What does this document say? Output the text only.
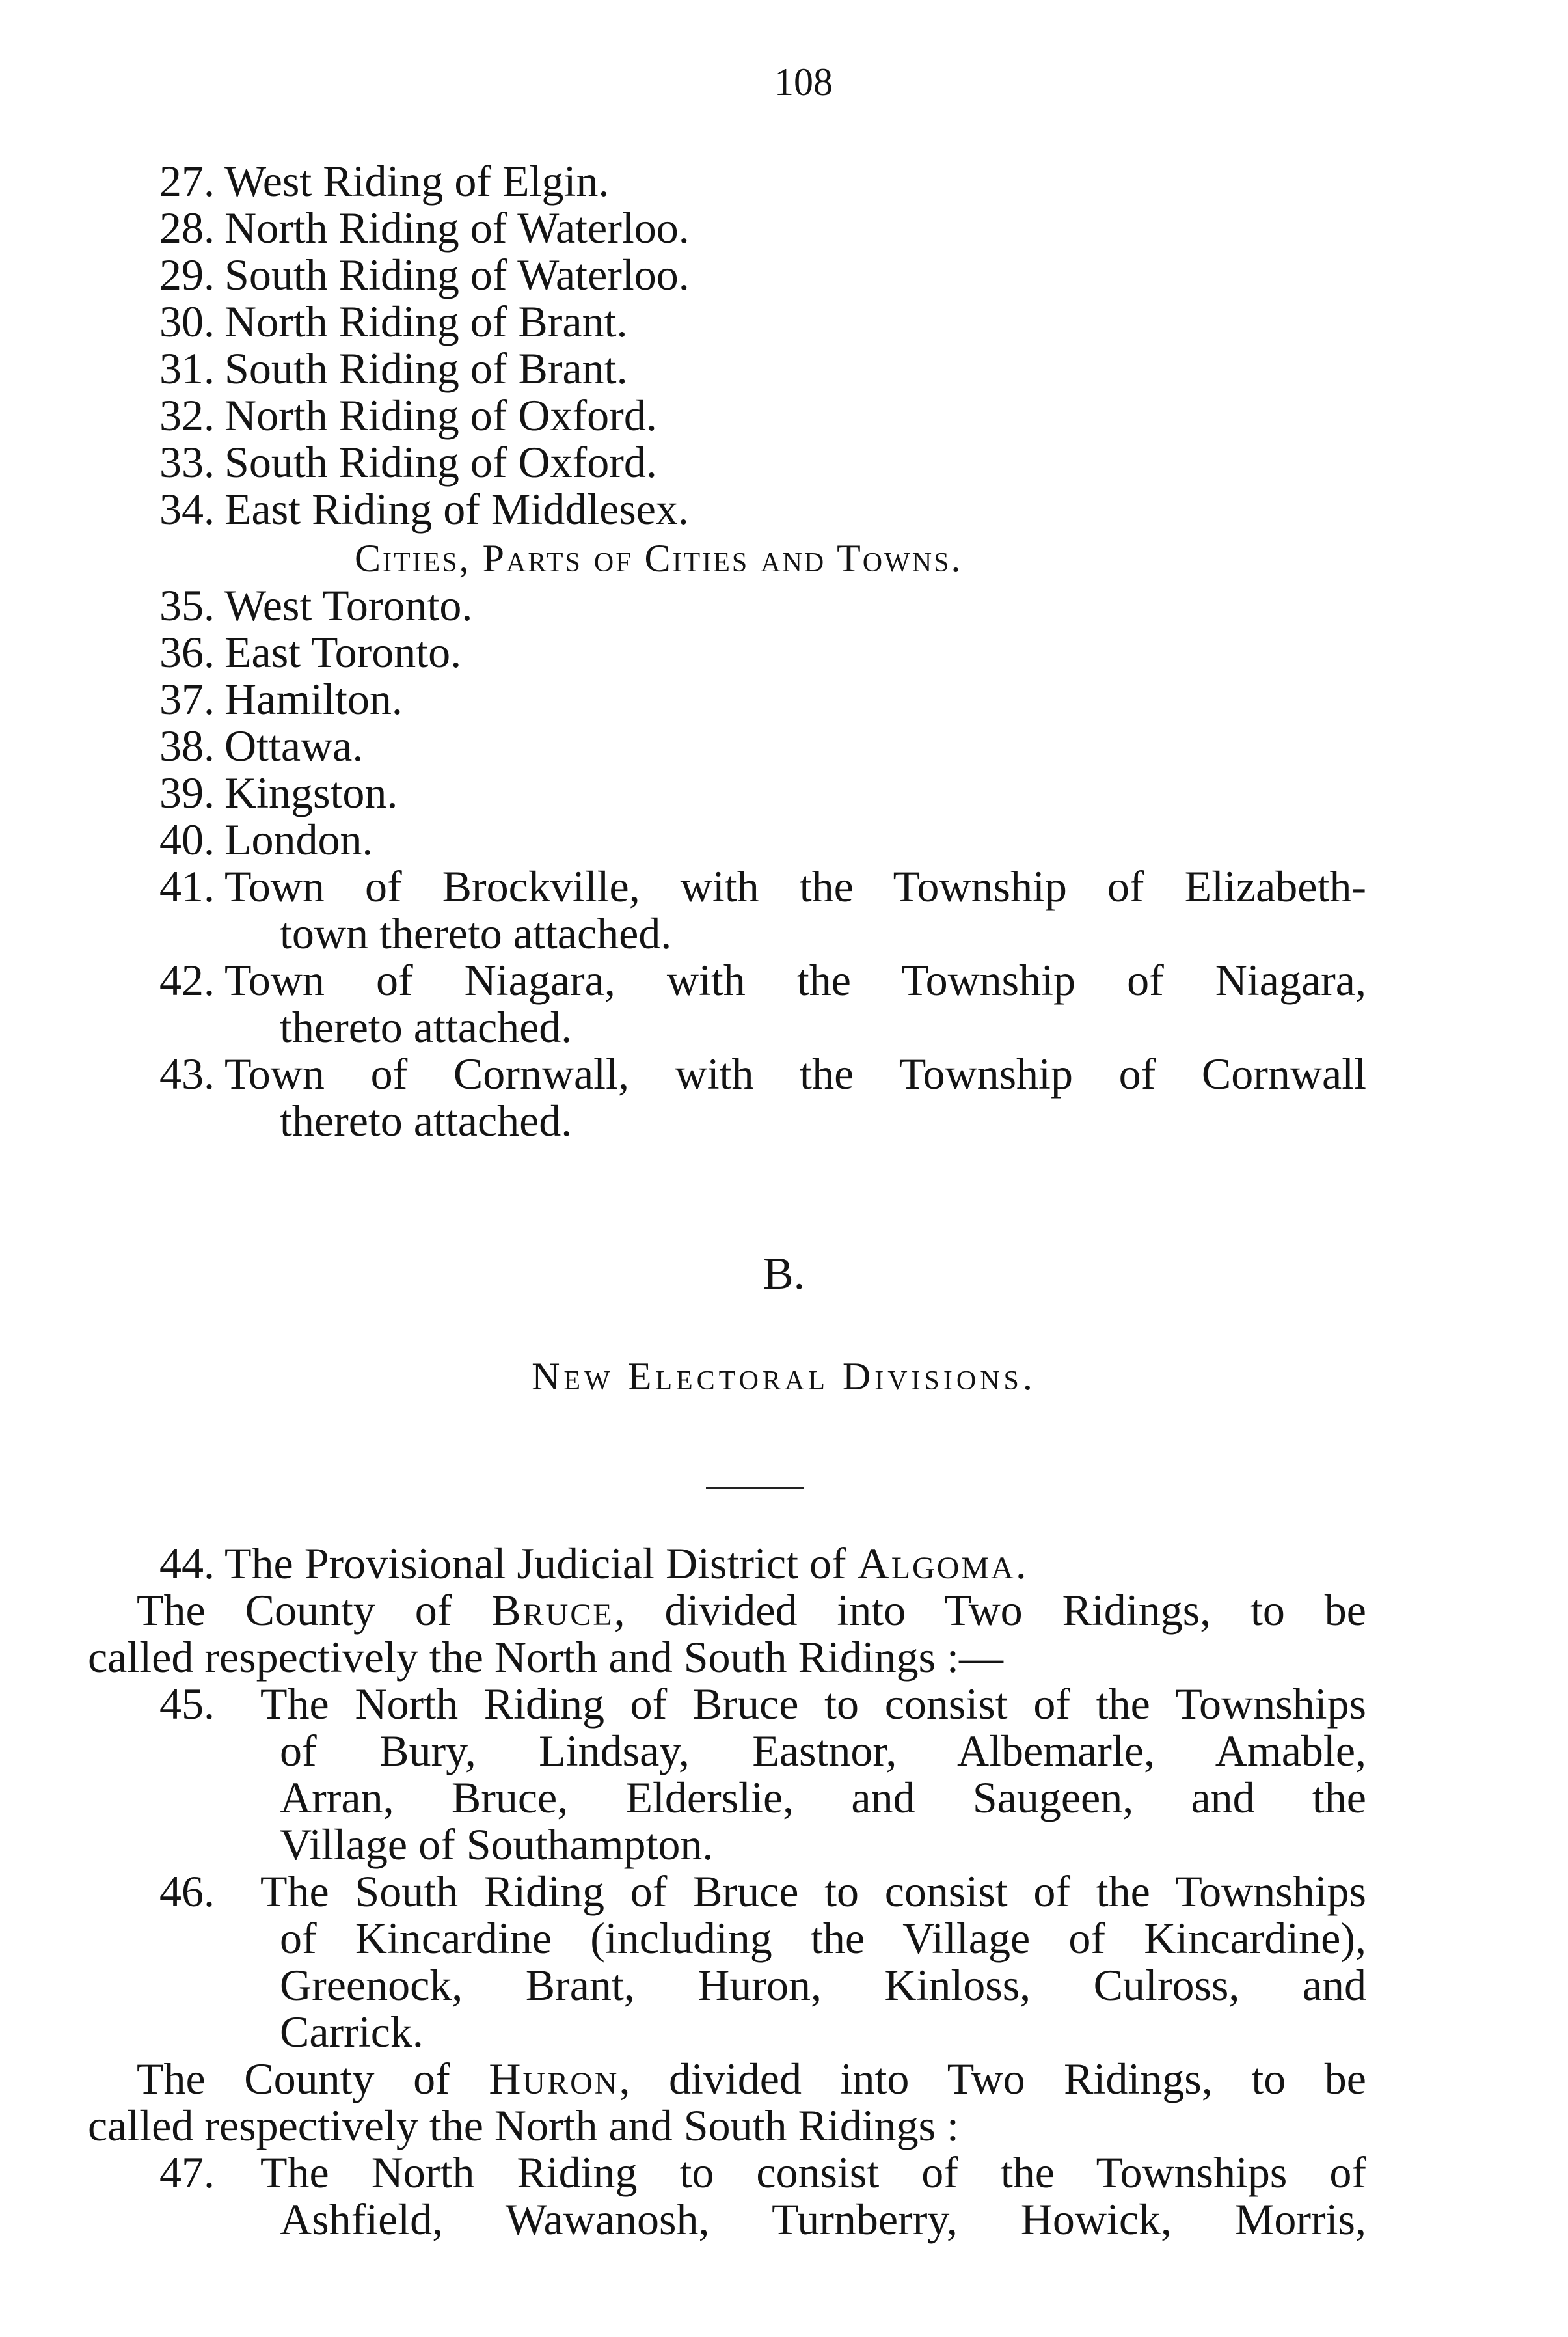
108
27. West Riding of Elgin.
28. North Riding of Waterloo.
29. South Riding of Waterloo.
30. North Riding of Brant.
31. South Riding of Brant.
32. North Riding of Oxford.
33. South Riding of Oxford.
34. East Riding of Middlesex.
Cities, Parts of Cities and Towns.
35. West Toronto.
36. East Toronto.
37. Hamilton.
38. Ottawa.
39. Kingston.
40. London.
41. Town of Brockville, with the Township of Elizabeth-
town thereto attached.
42. Town of Niagara, with the Township of Niagara,
thereto attached.
43. Town of Cornwall, with the Township of Cornwall
thereto attached.
B.
New Electoral Divisions.
44. The Provisional Judicial District of Algoma.
The County of Bruce, divided into Two Ridings, to be
called respectively the North and South Ridings :—
45. The North Riding of Bruce to consist of the Townships
of Bury, Lindsay, Eastnor, Albemarle, Amable,
Arran, Bruce, Elderslie, and Saugeen, and the
Village of Southampton.
46. The South Riding of Bruce to consist of the Townships
of Kincardine (including the Village of Kincardine),
Greenock, Brant, Huron, Kinloss, Culross, and
Carrick.
The County of Huron, divided into Two Ridings, to be
called respectively the North and South Ridings :
47. The North Riding to consist of the Townships of
Ashfield, Wawanosh, Turnberry, Howick, Morris,
